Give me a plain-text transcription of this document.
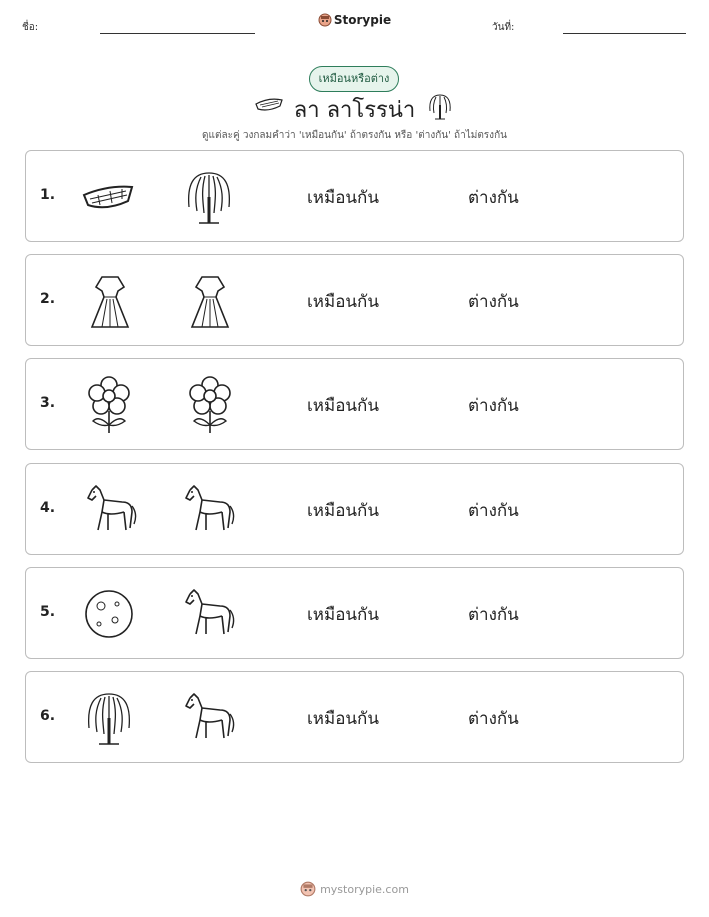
ชื่อ:
Storypie
วันที่:
เหมือนหรือต่าง
ลา ลาโรรน่า
ดูแต่ละคู่ วงกลมคำว่า 'เหมือนกัน' ถ้าตรงกัน หรือ 'ต่างกัน' ถ้าไม่ตรงกัน
1.	เหมือนกัน	ต่างกัน
2.	เหมือนกัน	ต่างกัน
3.	เหมือนกัน	ต่างกัน
4.	เหมือนกัน	ต่างกัน
5.	เหมือนกัน	ต่างกัน
6.	เหมือนกัน	ต่างกัน
mystorypie.com
